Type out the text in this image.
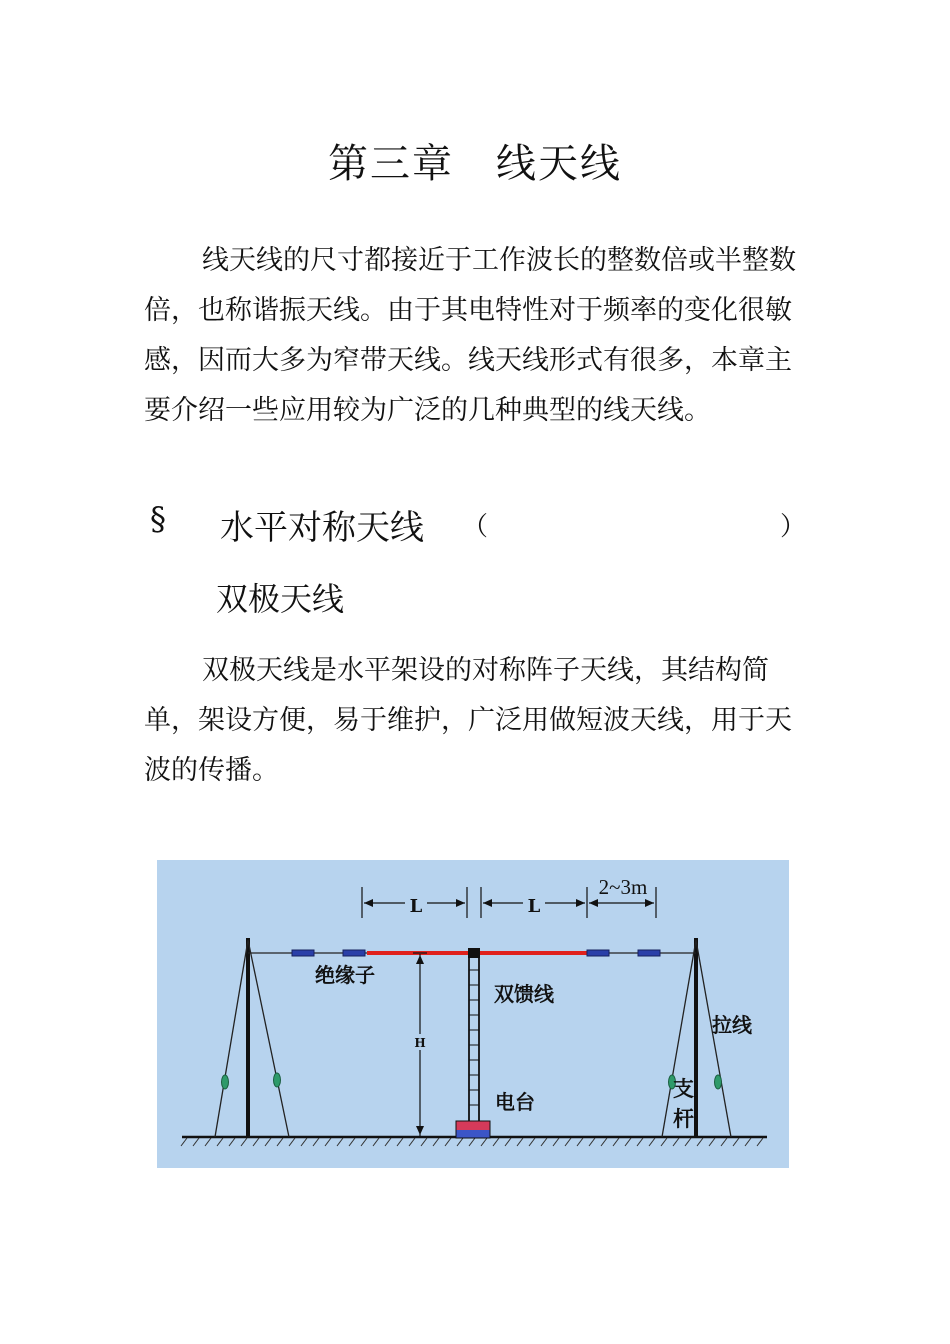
第三章　线天线

线天线的尺寸都接近于工作波长的整数倍或半整数倍，也称谐振天线。由于其电特性对于频率的变化很敏感，因而大多为窄带天线。线天线形式有很多，本章主要介绍一些应用较为广泛的几种典型的线天线。

§ 水平对称天线 （	）
双极天线

双极天线是水平架设的对称阵子天线，其结构简单，架设方便，易于维护，广泛用做短波天线，用于天波的传播。

H
L	L
2~3m
绝缘子
双馈线
拉线
电台
支
杆
